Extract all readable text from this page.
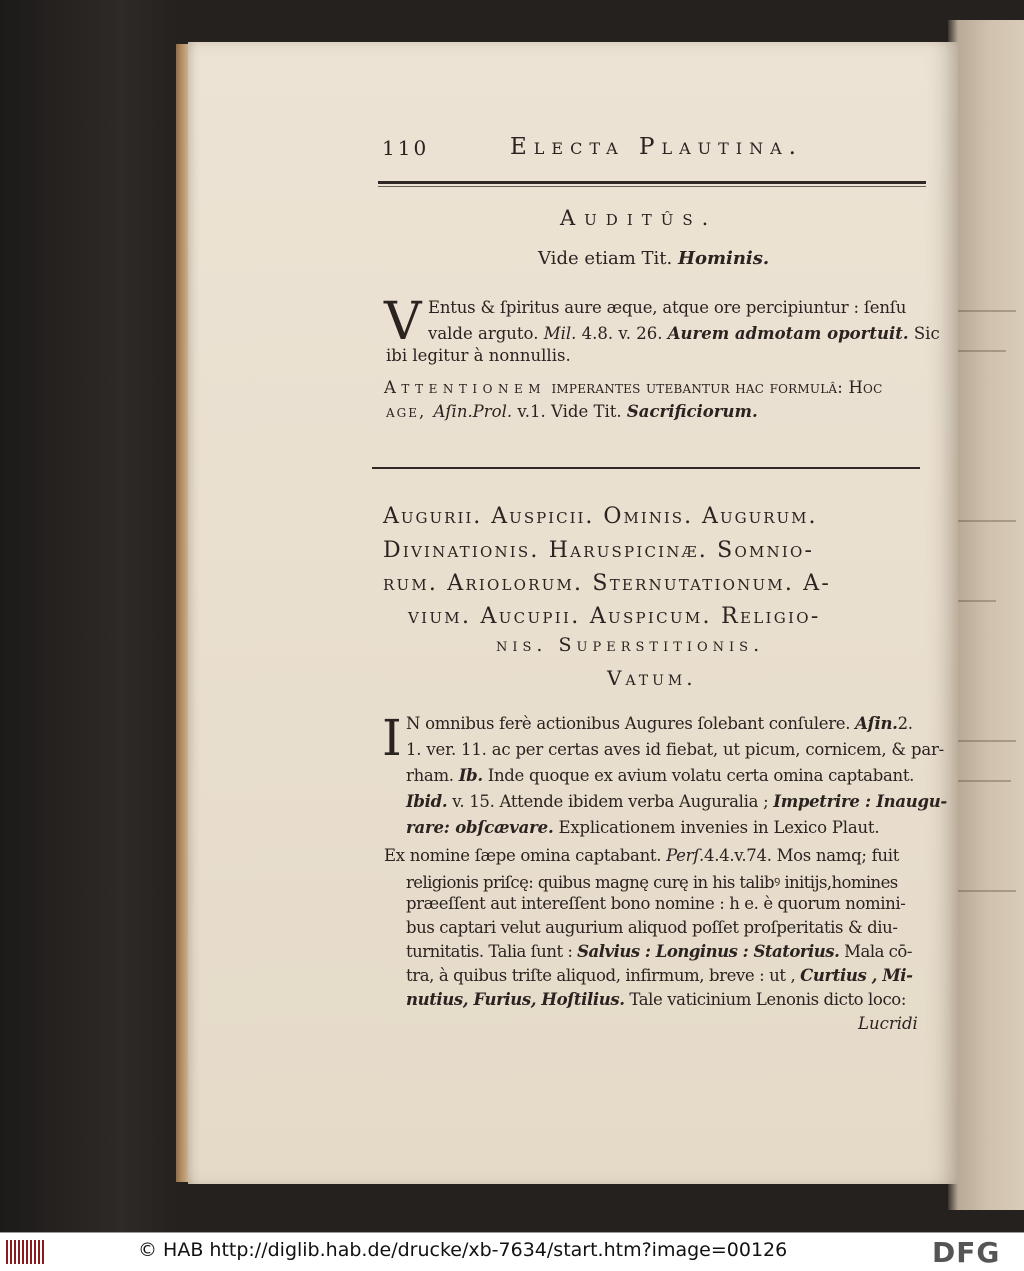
110	Electa Plautina.
Auditûs.
Vide etiam Tit. Hominis.
V Entus & ſpiritus aure æque, atque ore percipiuntur : ſenſu
valde arguto. Mil. 4.8. v. 26. Aurem admotam oportuit. Sic
ibi legitur à nonnullis.
Attentionem imperantes utebantur hac formulâ: Hoc
age, Aſin.Prol. v.1. Vide Tit. Sacrificiorum.
Augurii. Auſpicii. Ominis. Augurum.
Divinationis. Haruſpicinæ. Somnio-
rum. Ariolorum. Sternutationum. A-
vium. Aucupii. Auſpicum. Religio-
nis. Superſtitionis.
Vatum.
I N omnibus ferè actionibus Augures ſolebant conſulere. Aſin.2.
1. ver. 11. ac per certas aves id fiebat, ut picum, cornicem, & par-
rham. Ib. Inde quoque ex avium volatu certa omina captabant.
Ibid. v. 15. Attende ibidem verba Auguralia ; Impetrire : Inaugu-
rare: obſcævare. Explicationem invenies in Lexico Plaut.
Ex nomine ſæpe omina captabant. Perſ.4.4.v.74. Mos namq; fuit
religionis priſcę: quibus magnę curę in his talibꝰ initijs,homines
præeſſent aut intereſſent bono nomine : h e. è quorum nomini-
bus captari velut augurium aliquod poſſet proſperitatis & diu-
turnitatis. Talia ſunt : Salvius : Longinus : Statorius. Mala cō-
tra, à quibus triſte aliquod, infirmum, breve : ut , Curtius , Mi-
nutius, Furius, Hoſtilius. Tale vaticinium Lenonis dicto loco:
Lucridi
© HAB http://diglib.hab.de/drucke/xb-7634/start.htm?image=00126	DFG
